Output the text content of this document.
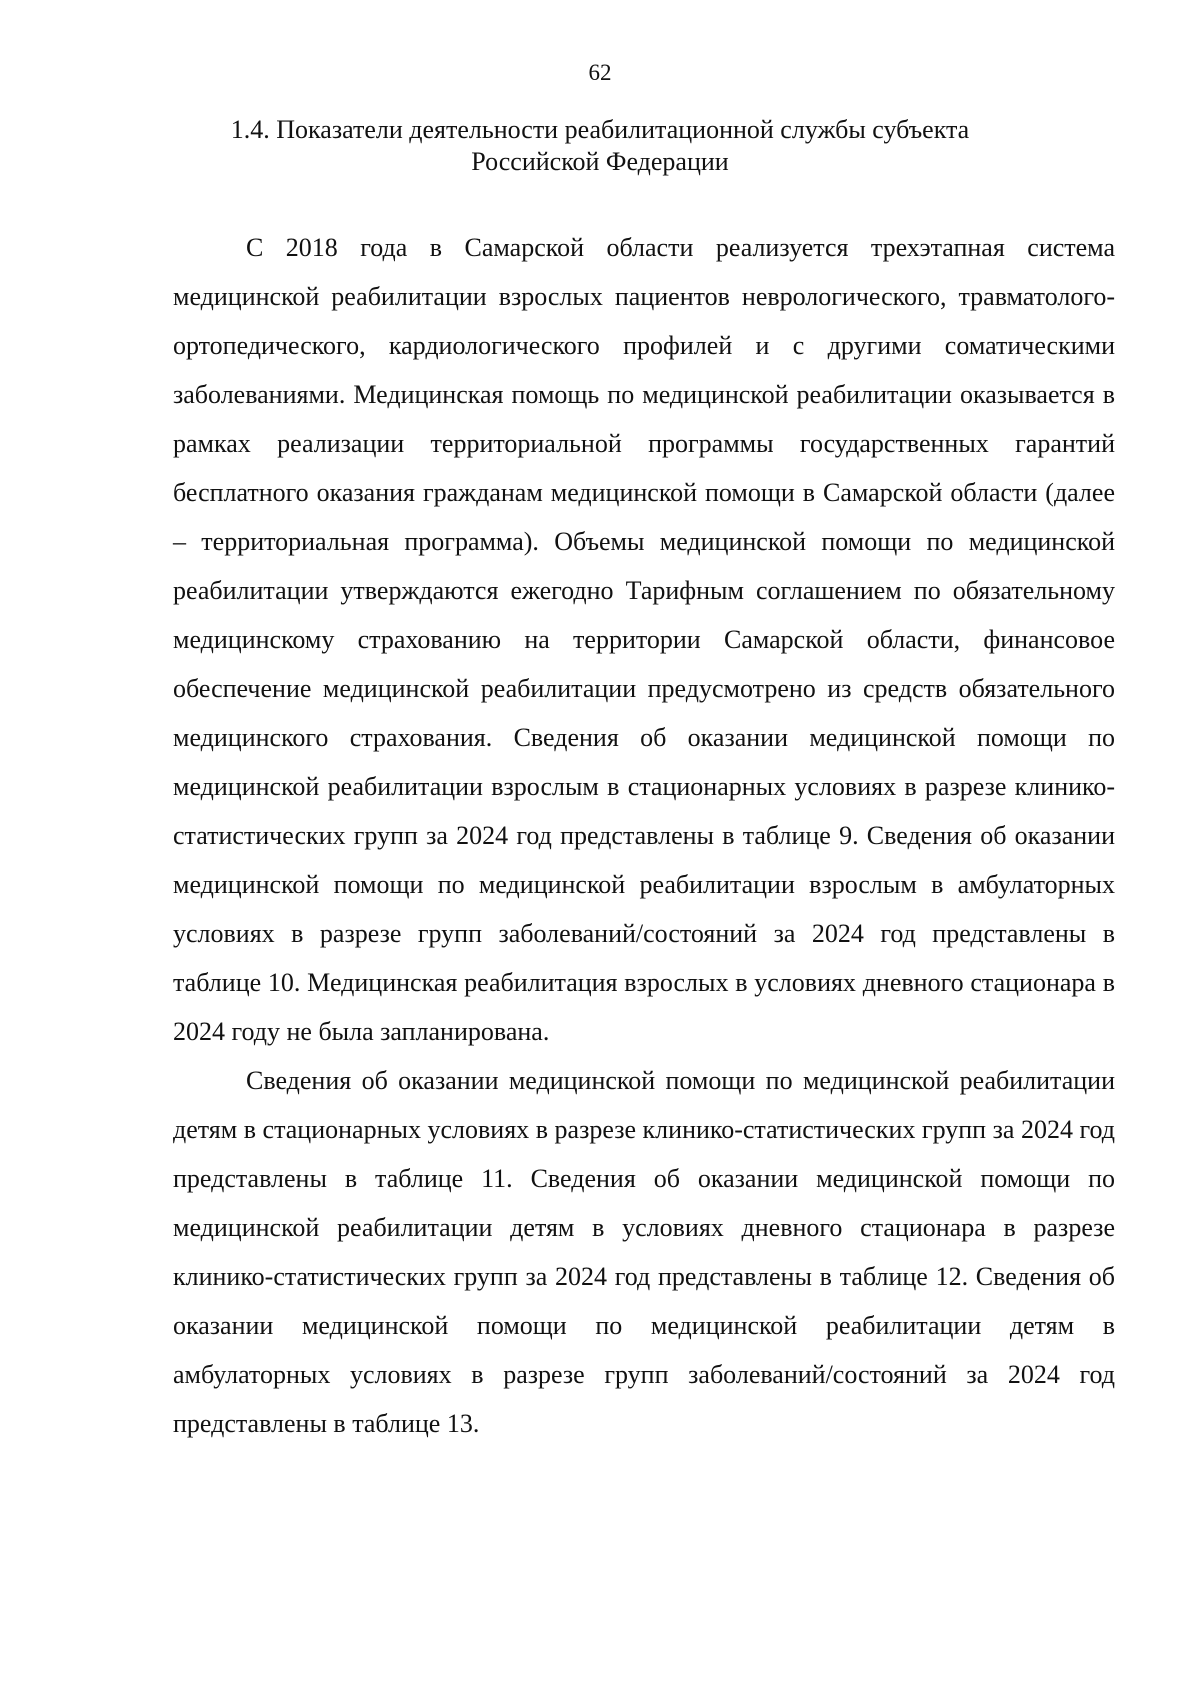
62
1.4. Показатели деятельности реабилитационной службы субъекта
Российской Федерации

С 2018 года в Самарской области реализуется трехэтапная система медицинской реабилитации взрослых пациентов неврологического, травматолого-ортопедического, кардиологического профилей и с другими соматическими заболеваниями. Медицинская помощь по медицинской реабилитации оказывается в рамках реализации территориальной программы государственных гарантий бесплатного оказания гражданам медицинской помощи в Самарской области (далее – территориальная программа). Объемы медицинской помощи по медицинской реабилитации утверждаются ежегодно Тарифным соглашением по обязательному медицинскому страхованию на территории Самарской области, финансовое обеспечение медицинской реабилитации предусмотрено из средств обязательного медицинского страхования. Сведения об оказании медицинской помощи по медицинской реабилитации взрослым в стационарных условиях в разрезе клинико-статистических групп за 2024 год представлены в таблице 9. Сведения об оказании медицинской помощи по медицинской реабилитации взрослым в амбулаторных условиях в разрезе групп заболеваний/состояний за 2024 год представлены в таблице 10. Медицинская реабилитация взрослых в условиях дневного стационара в 2024 году не была запланирована.

Сведения об оказании медицинской помощи по медицинской реабилитации детям в стационарных условиях в разрезе клинико-статистических групп за 2024 год представлены в таблице 11. Сведения об оказании медицинской помощи по медицинской реабилитации детям в условиях дневного стационара в разрезе клинико-статистических групп за 2024 год представлены в таблице 12. Сведения об оказании медицинской помощи по медицинской реабилитации детям в амбулаторных условиях в разрезе групп заболеваний/состояний за 2024 год представлены в таблице 13.
